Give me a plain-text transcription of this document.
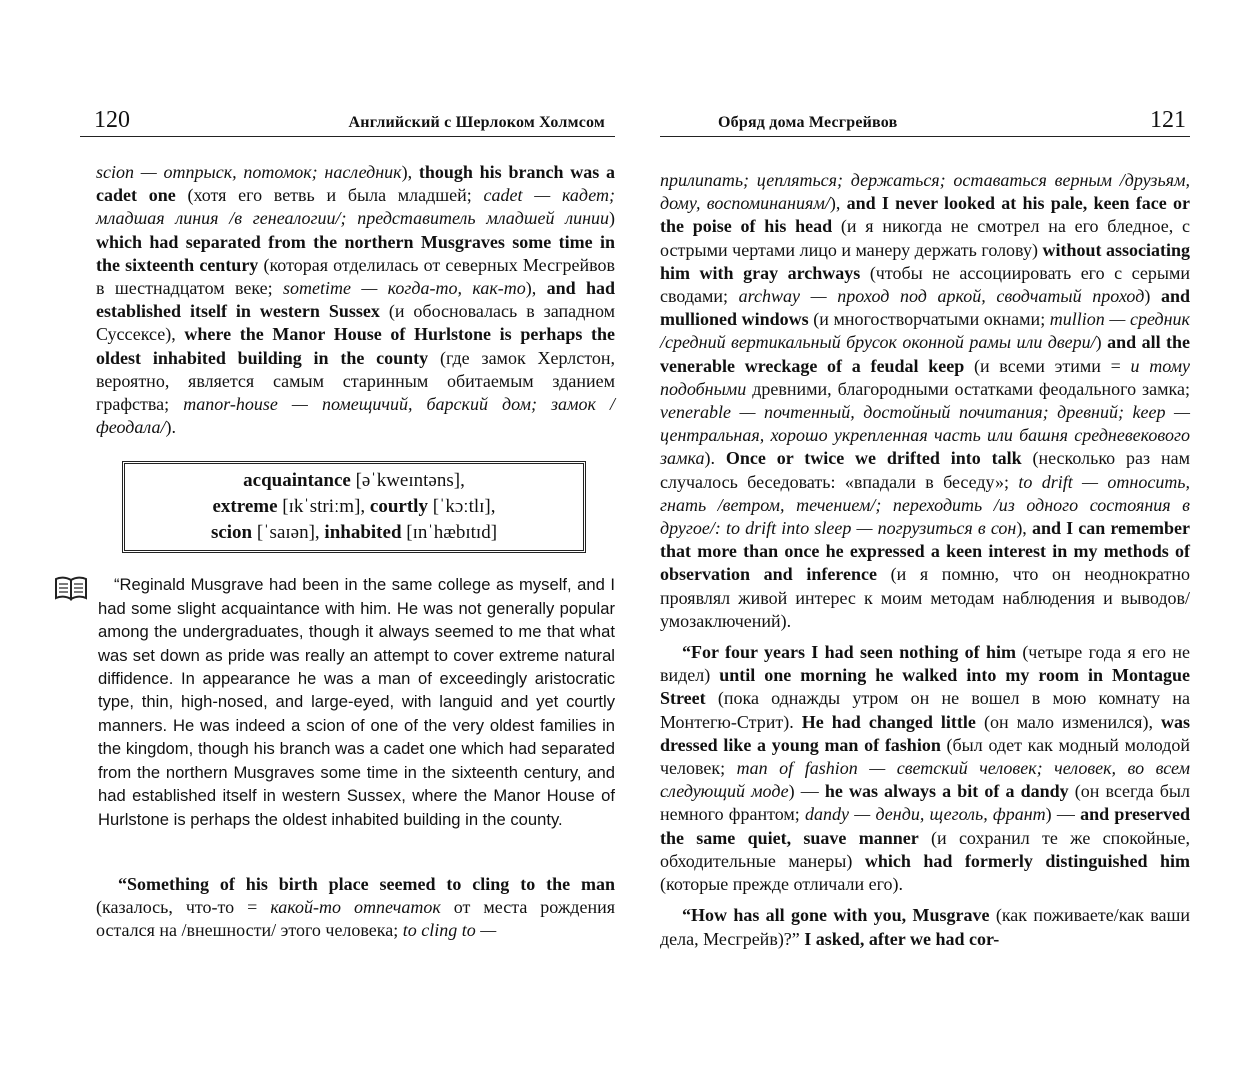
120	Английский с Шерлоком Холмсом

scion — отпрыск, потомок; наследник), though his branch was a cadet one (хотя его ветвь и была младшей; cadet — кадет; младшая линия /в генеалогии/; представитель младшей линии) which had separated from the northern Musgraves some time in the sixteenth century (которая отделилась от северных Месгрейвов в шестнадцатом веке; sometime — когда-то, как-то), and had established itself in western Sussex (и обосновалась в западном Суссексе), where the Manor House of Hurlstone is perhaps the oldest inhabited building in the county (где замок Херлстон, вероятно, является самым старинным обитаемым зданием графства; manor-house — помещичий, барский дом; замок /феодала/).

acquaintance [əˈkweɪntəns],
extreme [ɪkˈstriːm], courtly [ˈkɔːtlɪ],
scion [ˈsaɪən], inhabited [ɪnˈhæbɪtɪd]

“Reginald Musgrave had been in the same college as myself, and I had some slight acquaintance with him. He was not generally popular among the undergraduates, though it always seemed to me that what was set down as pride was really an attempt to cover extreme natural diffidence. In appearance he was a man of exceedingly aristocratic type, thin, high-nosed, and large-eyed, with languid and yet courtly manners. He was indeed a scion of one of the very oldest families in the kingdom, though his branch was a cadet one which had separated from the northern Musgraves some time in the sixteenth century, and had established itself in western Sussex, where the Manor House of Hurlstone is perhaps the oldest inhabited building in the county.

“Something of his birth place seemed to cling to the man (казалось, что-то = какой-то отпечаток от места рождения остался на /внешности/ этого человека; to cling to —

Обряд дома Месгрейвов	121

прилипать; цепляться; держаться; оставаться верным /друзьям, дому, воспоминаниям/), and I never looked at his pale, keen face or the poise of his head (и я никогда не смотрел на его бледное, с острыми чертами лицо и манеру держать голову) without associating him with gray archways (чтобы не ассоциировать его с серыми сводами; archway — проход под аркой, сводчатый проход) and mullioned windows (и многостворчатыми окнами; mullion — средник /средний вертикальный брусок оконной рамы или двери/) and all the venerable wreckage of a feudal keep (и всеми этими = и тому подобными древними, благородными остатками феодального замка; venerable — почтенный, достойный почитания; древний; keep — центральная, хорошо укрепленная часть или башня средневекового замка). Once or twice we drifted into talk (несколько раз нам случалось беседовать: «впадали в беседу»; to drift — относить, гнать /ветром, течением/; переходить /из одного состояния в другое/: to drift into sleep — погрузиться в сон), and I can remember that more than once he expressed a keen interest in my methods of observation and inference (и я помню, что он неоднократно проявлял живой интерес к моим методам наблюдения и выводов/умозаключений).

“For four years I had seen nothing of him (четыре года я его не видел) until one morning he walked into my room in Montague Street (пока однажды утром он не вошел в мою комнату на Монтегю-Стрит). He had changed little (он мало изменился), was dressed like a young man of fashion (был одет как модный молодой человек; man of fashion — светский человек; человек, во всем следующий моде) — he was always a bit of a dandy (он всегда был немного франтом; dandy — денди, щеголь, франт) — and preserved the same quiet, suave manner (и сохранил те же спокойные, обходительные манеры) which had formerly distinguished him (которые прежде отличали его).

“How has all gone with you, Musgrave (как поживаете/как ваши дела, Месгрейв)?” I asked, after we had cor-
